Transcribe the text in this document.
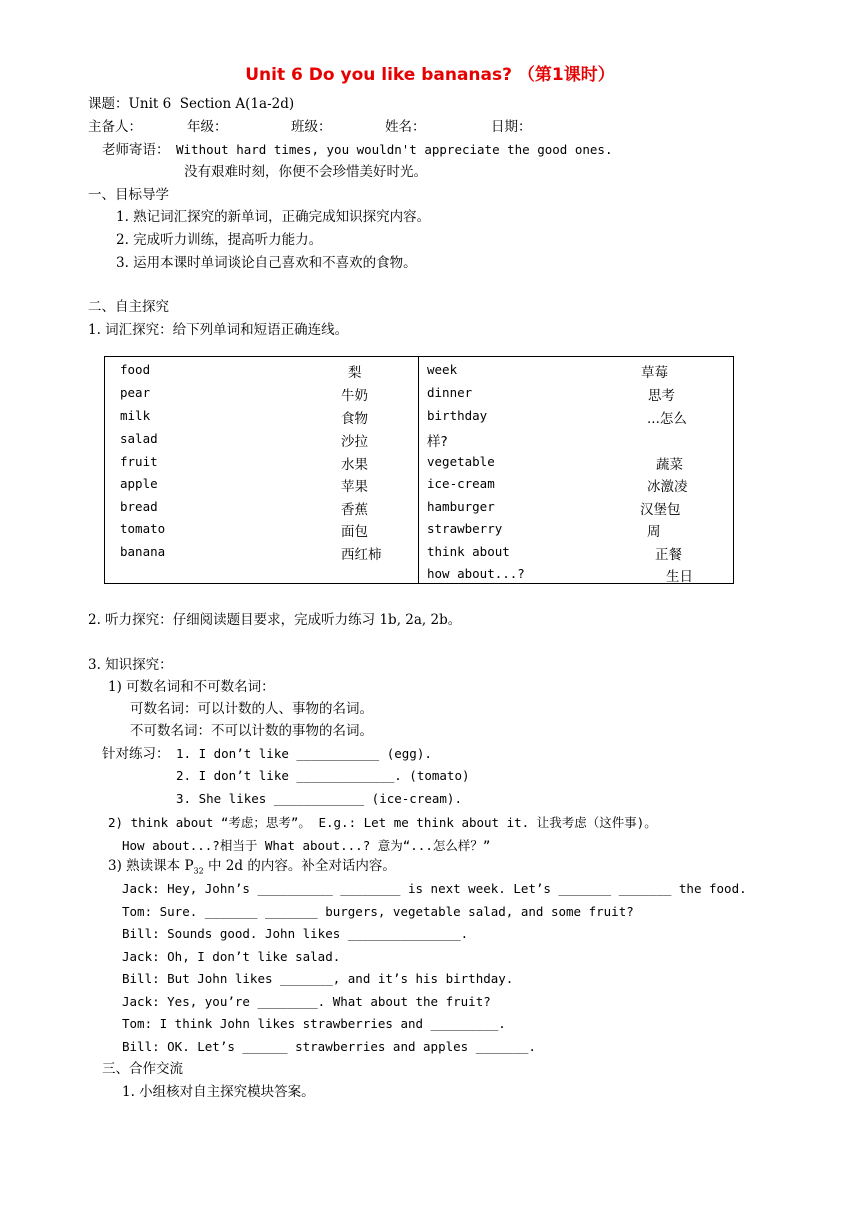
Unit 6 Do you like bananas? （第1课时）
课题：Unit 6  Section A(1a-2d)
主备人：	年级：	班级：	姓名：	日期：
老师寄语： Without hard times, you wouldn't appreciate the good ones.
没有艰难时刻，你便不会珍惜美好时光。
一、目标导学
1. 熟记词汇探究的新单词，正确完成知识探究内容。
2. 完成听力训练，提高听力能力。
3. 运用本课时单词谈论自己喜欢和不喜欢的食物。
二、自主探究
1. 词汇探究：给下列单词和短语正确连线。
food	梨
pear	牛奶
milk	食物
salad	沙拉
fruit	水果
apple	苹果
bread	香蕉
tomato	面包
banana	西红柿

week	草莓
dinner	思考
birthday	...怎么
样?
vegetable	蔬菜
ice-cream	冰激凌
hamburger	汉堡包
strawberry	周
think about	正餐
how about...?	生日
2. 听力探究：仔细阅读题目要求，完成听力练习 1b, 2a, 2b。
3. 知识探究：
1) 可数名词和不可数名词：
可数名词：可以计数的人、事物的名词。
不可数名词：不可以计数的事物的名词。
针对练习： 1. I don’t like ___________ (egg).
2. I don’t like _____________. (tomato)
3. She likes ____________ (ice-cream).
2) think about “考虑；思考”。 E.g.: Let me think about it. 让我考虑（这件事)。
How about...?相当于 What about...? 意为“...怎么样？”
3) 熟读课本 $P_{32}$ 中 2d 的内容。补全对话内容。
Jack: Hey, John’s __________ ________ is next week. Let’s _______ _______ the food.
Tom: Sure. _______ _______ burgers, vegetable salad, and some fruit?
Bill: Sounds good. John likes _______________.
Jack: Oh, I don’t like salad.
Bill: But John likes _______, and it’s his birthday.
Jack: Yes, you’re ________. What about the fruit?
Tom: I think John likes strawberries and _________.
Bill: OK. Let’s ______ strawberries and apples _______.
三、合作交流
1. 小组核对自主探究模块答案。
